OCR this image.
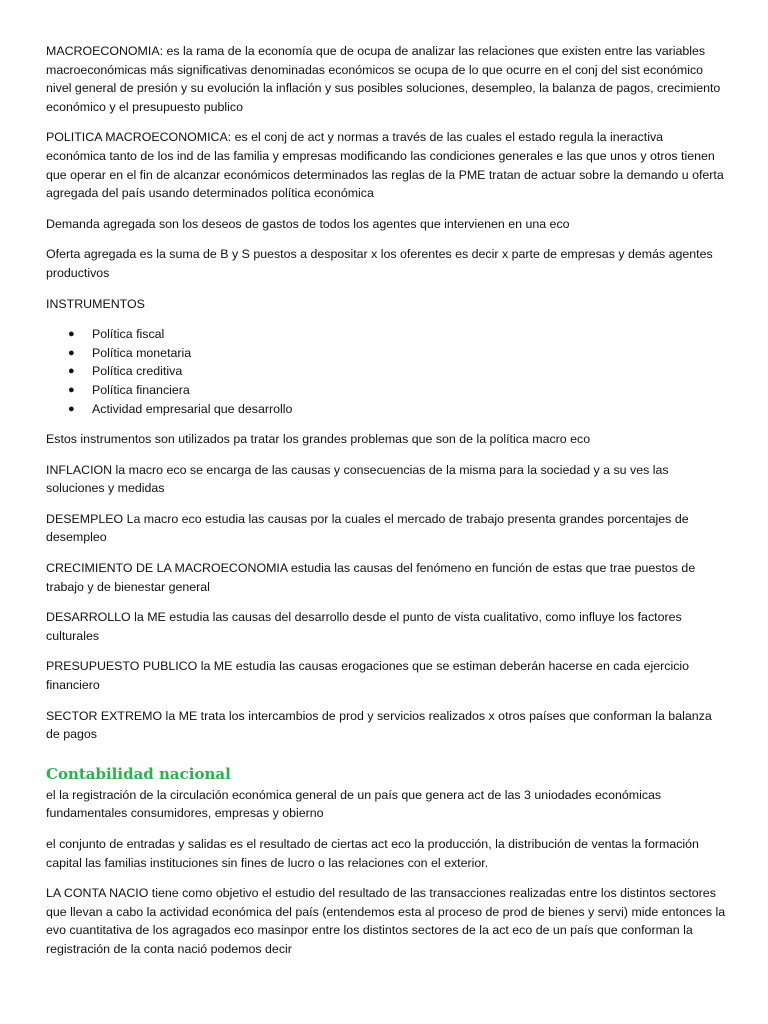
MACROECONOMIA: es la rama de la economía que de ocupa de analizar las relaciones que existen entre las variables macroeconómicas más significativas denominadas económicos se ocupa de lo que ocurre en el conj del sist económico nivel general de presión y su evolución la inflación y sus posibles soluciones, desempleo, la balanza de pagos, crecimiento económico y el presupuesto publico

POLITICA MACROECONOMICA: es el conj de act y normas a través de las cuales el estado regula la ineractiva económica tanto de los ind de las familia y empresas modificando las condiciones generales e las que unos y otros tienen que operar en el fin de alcanzar económicos determinados las reglas de la PME tratan de actuar sobre la demando u oferta agregada del país usando determinados política económica

Demanda agregada son los deseos de gastos de todos los agentes que intervienen en una eco

Oferta agregada es la suma de B y S puestos a despositar x los oferentes es decir x parte de empresas y demás agentes productivos

INSTRUMENTOS

● Política fiscal
● Política monetaria
● Política creditiva
● Política financiera
● Actividad empresarial que desarrollo

Estos instrumentos son utilizados pa tratar los grandes problemas que son de la política macro eco

INFLACION la macro eco se encarga de las causas y consecuencias de la misma para la sociedad y a su ves las soluciones y medidas

DESEMPLEO La macro eco estudia las causas por la cuales el mercado de trabajo presenta grandes porcentajes de desempleo

CRECIMIENTO DE LA MACROECONOMIA estudia las causas del fenómeno en función de estas que trae puestos de trabajo y de bienestar general

DESARROLLO la ME estudia las causas del desarrollo desde el punto de vista cualitativo, como influye los factores culturales

PRESUPUESTO PUBLICO la ME estudia las causas erogaciones que se estiman deberán hacerse en cada ejercicio financiero

SECTOR EXTREMO la ME trata los intercambios de prod y servicios realizados x otros países que conforman la balanza de pagos

Contabilidad nacional

el la registración de la circulación económica general de un país que genera act de las 3 uniodades económicas fundamentales consumidores, empresas y obierno

el conjunto de entradas y salidas es el resultado de ciertas act eco la producción, la distribución de ventas la formación capital las familias instituciones sin fines de lucro o las relaciones con el exterior.

LA CONTA NACIO tiene como objetivo el estudio del resultado de las transacciones realizadas entre los distintos sectores que llevan a cabo la actividad económica del país (entendemos esta al proceso de prod de bienes y servi) mide entonces la evo cuantitativa de los agragados eco masinpor entre los distintos sectores de la act eco de un país que conforman la registración de la conta nació podemos decir
